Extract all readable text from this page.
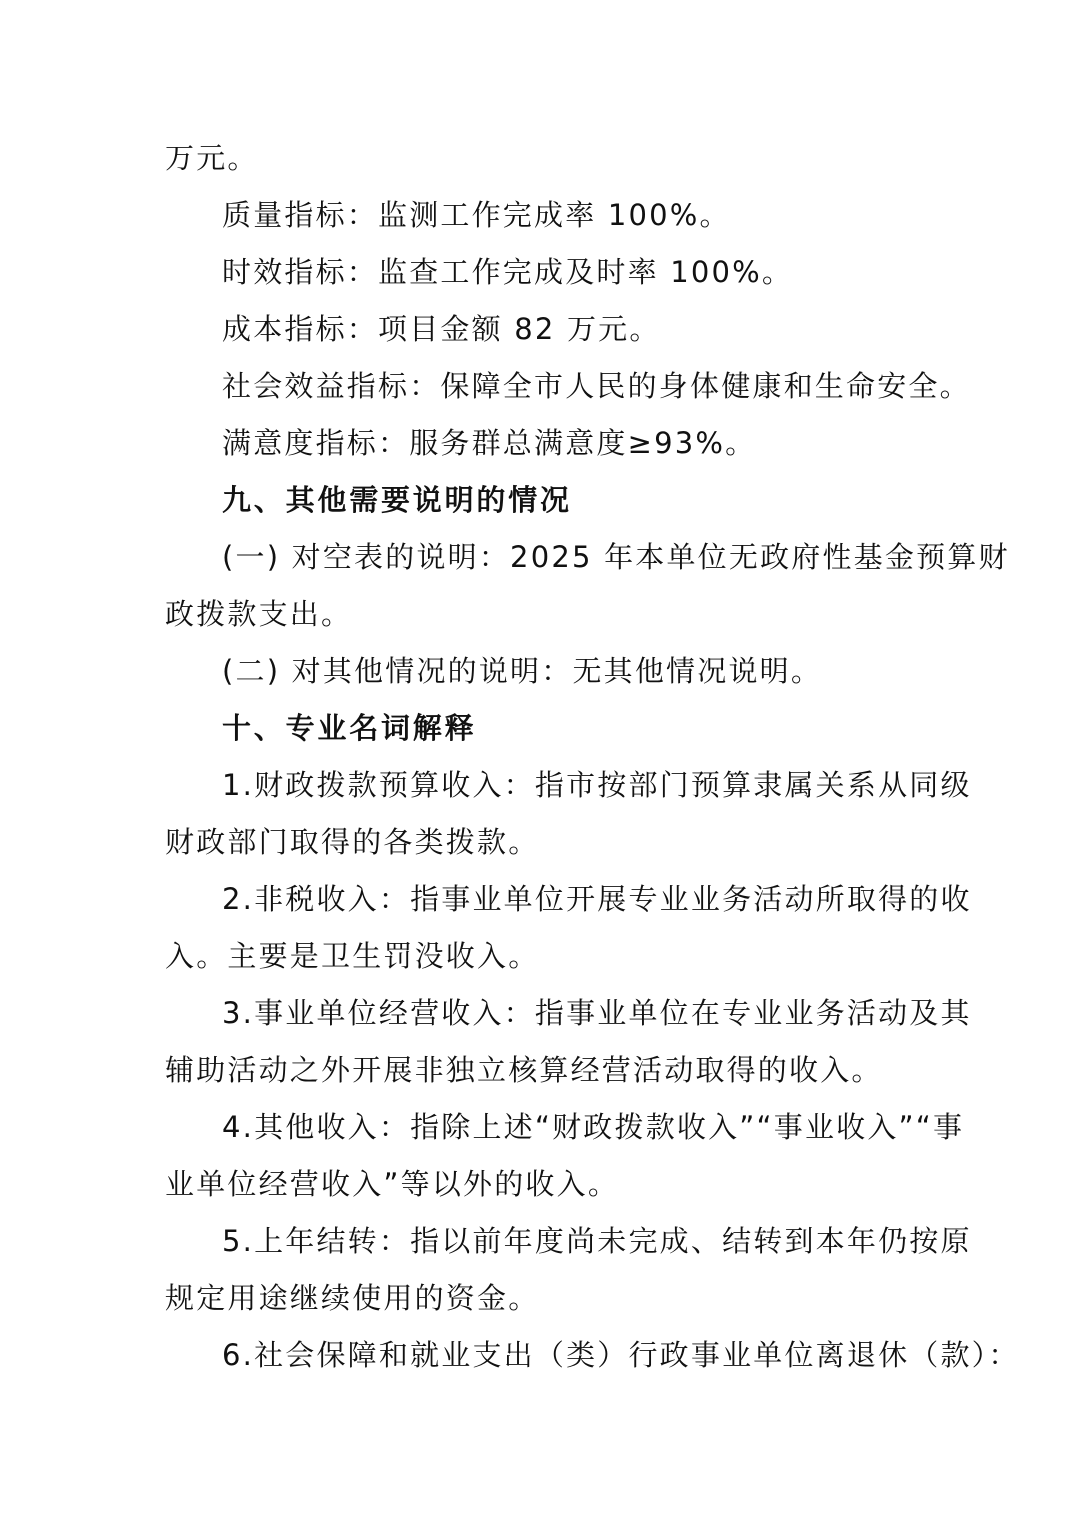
万元。
质量指标：监测工作完成率 100%。
时效指标：监查工作完成及时率 100%。
成本指标：项目金额 82 万元。
社会效益指标：保障全市人民的身体健康和生命安全。
满意度指标：服务群总满意度≥93%。
九、其他需要说明的情况
(一) 对空表的说明：2025 年本单位无政府性基金预算财
政拨款支出。
(二) 对其他情况的说明：无其他情况说明。
十、专业名词解释
1.财政拨款预算收入：指市按部门预算隶属关系从同级
财政部门取得的各类拨款。
2.非税收入：指事业单位开展专业业务活动所取得的收
入。主要是卫生罚没收入。
3.事业单位经营收入：指事业单位在专业业务活动及其
辅助活动之外开展非独立核算经营活动取得的收入。
4.其他收入：指除上述“财政拨款收入”“事业收入”“事
业单位经营收入”等以外的收入。
5.上年结转：指以前年度尚未完成、结转到本年仍按原
规定用途继续使用的资金。
6.社会保障和就业支出（类）行政事业单位离退休（款）：
